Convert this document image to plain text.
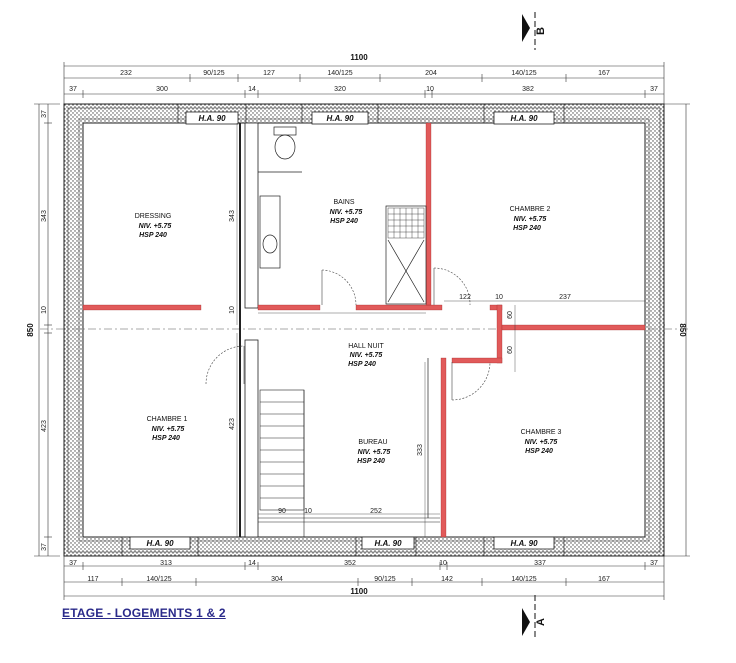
B
A
1100
232	90/125	127	140/125	204	140/125	167
37	300	14	320	10	382	37
37	313	14	352	10	337	37
117	140/125	304	90/125	142	140/125	167
1100
850
37
343
10
423
37
850
H.A. 90	H.A. 90	H.A. 90
H.A. 90	H.A. 90	H.A. 90
343
10
423
333
122	10	237
60
60
90	10	252
DRESSING
NIV. +5.75
HSP 240
BAINS
NIV. +5.75
HSP 240
CHAMBRE 2
NIV. +5.75
HSP 240
HALL NUIT
NIV. +5.75
HSP 240
CHAMBRE 1
NIV. +5.75
HSP 240
BUREAU
NIV. +5.75
HSP 240
CHAMBRE 3
NIV. +5.75
HSP 240
ETAGE - LOGEMENTS 1 & 2
